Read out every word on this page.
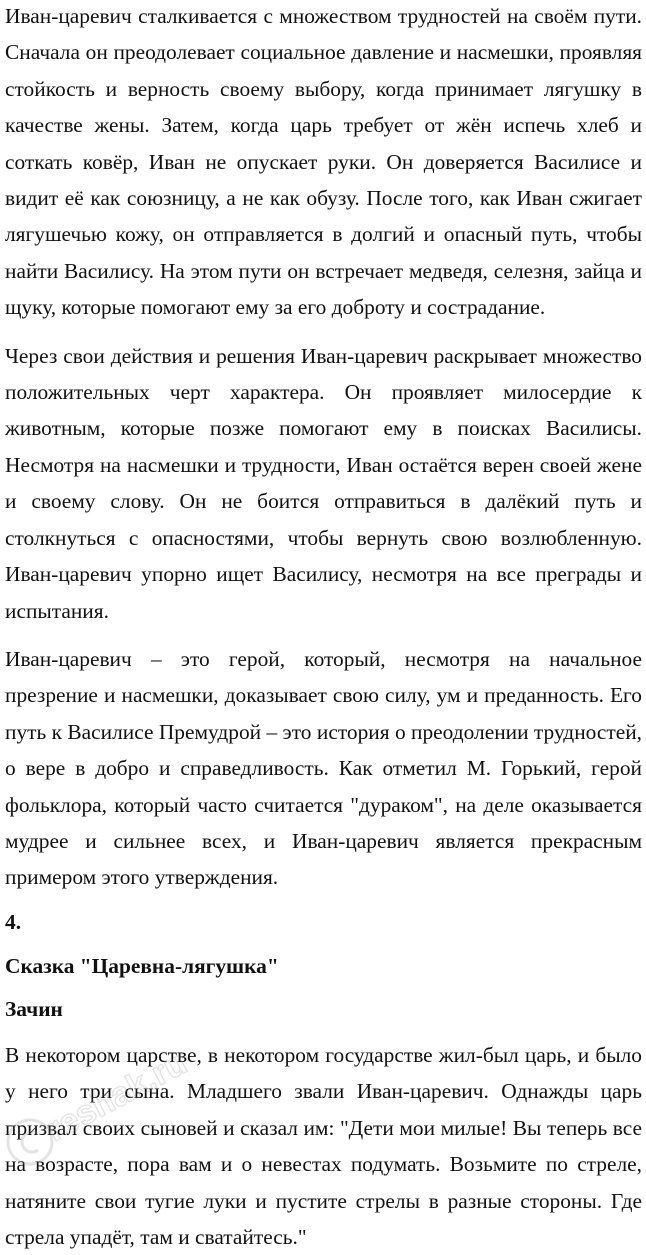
Иван-царевич сталкивается с множеством трудностей на своём пути. Сначала он преодолевает социальное давление и насмешки, проявляя стойкость и верность своему выбору, когда принимает лягушку в качестве жены. Затем, когда царь требует от жён испечь хлеб и соткать ковёр, Иван не опускает руки. Он доверяется Василисе и видит её как союзницу, а не как обузу. После того, как Иван сжигает лягушечью кожу, он отправляется в долгий и опасный путь, чтобы найти Василису. На этом пути он встречает медведя, селезня, зайца и щуку, которые помогают ему за его доброту и сострадание.

Через свои действия и решения Иван-царевич раскрывает множество положительных черт характера. Он проявляет милосердие к животным, которые позже помогают ему в поисках Василисы. Несмотря на насмешки и трудности, Иван остаётся верен своей жене и своему слову. Он не боится отправиться в далёкий путь и столкнуться с опасностями, чтобы вернуть свою возлюбленную. Иван-царевич упорно ищет Василису, несмотря на все преграды и испытания.

Иван-царевич – это герой, который, несмотря на начальное презрение и насмешки, доказывает свою силу, ум и преданность. Его путь к Василисе Премудрой – это история о преодолении трудностей, о вере в добро и справедливость. Как отметил М. Горький, герой фольклора, который часто считается "дураком", на деле оказывается мудрее и сильнее всех, и Иван-царевич является прекрасным примером этого утверждения.

4.

Сказка "Царевна-лягушка"

Зачин

В некотором царстве, в некотором государстве жил-был царь, и было у него три сына. Младшего звали Иван-царевич. Однажды царь призвал своих сыновей и сказал им: "Дети мои милые! Вы теперь все на возрасте, пора вам и о невестах подумать. Возьмите по стреле, натяните свои тугие луки и пустите стрелы в разные стороны. Где стрела упадёт, там и сватайтесь."

reshak.ru
